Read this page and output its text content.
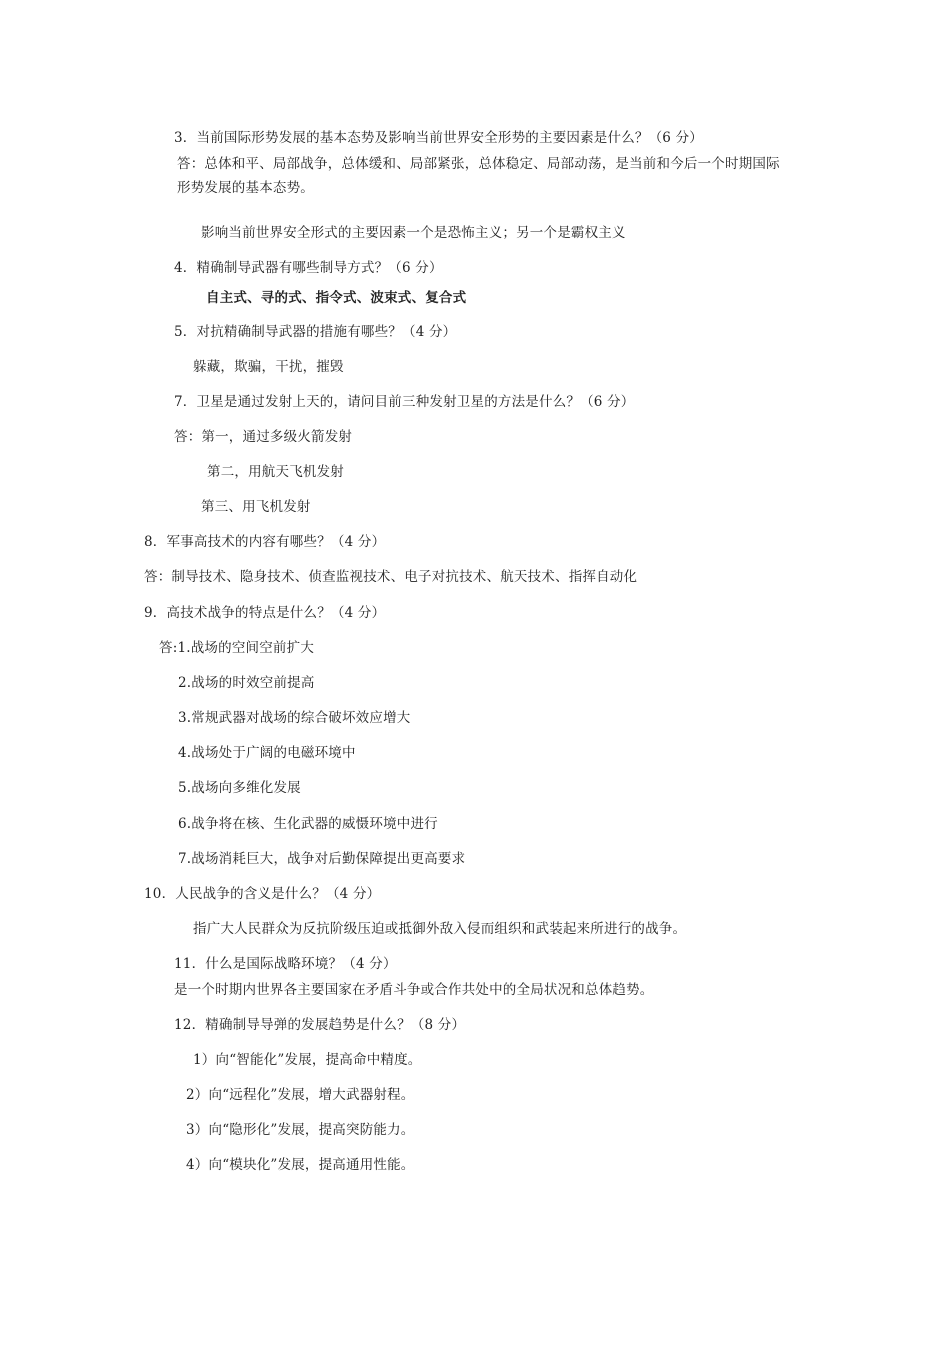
3．当前国际形势发展的基本态势及影响当前世界安全形势的主要因素是什么？（6 分）
答：总体和平、局部战争，总体缓和、局部紧张，总体稳定、局部动荡，是当前和今后一个时期国际
形势发展的基本态势。
影响当前世界安全形式的主要因素一个是恐怖主义；另一个是霸权主义
4．精确制导武器有哪些制导方式？（6 分）
自主式、寻的式、指令式、波束式、复合式
5．对抗精确制导武器的措施有哪些？（4 分）
躲藏，欺骗，干扰，摧毁
7．卫星是通过发射上天的，请问目前三种发射卫星的方法是什么？（6 分）
答：第一，通过多级火箭发射
第二，用航天飞机发射
第三、用飞机发射
8．军事高技术的内容有哪些？（4 分）
答：制导技术、隐身技术、侦查监视技术、电子对抗技术、航天技术、指挥自动化
9．高技术战争的特点是什么？（4 分）
答:1.战场的空间空前扩大
2.战场的时效空前提高
3.常规武器对战场的综合破坏效应增大
4.战场处于广阔的电磁环境中
5.战场向多维化发展
6.战争将在核、生化武器的威慑环境中进行
7.战场消耗巨大，战争对后勤保障提出更高要求
10．人民战争的含义是什么？（4 分）
指广大人民群众为反抗阶级压迫或抵御外敌入侵而组织和武装起来所进行的战争。
11．什么是国际战略环境？（4 分）
是一个时期内世界各主要国家在矛盾斗争或合作共处中的全局状况和总体趋势。
12．精确制导导弹的发展趋势是什么？（8 分）
1）向“智能化”发展，提高命中精度。
2）向“远程化”发展，增大武器射程。
3）向“隐形化”发展，提高突防能力。
4）向“模块化”发展，提高通用性能。
